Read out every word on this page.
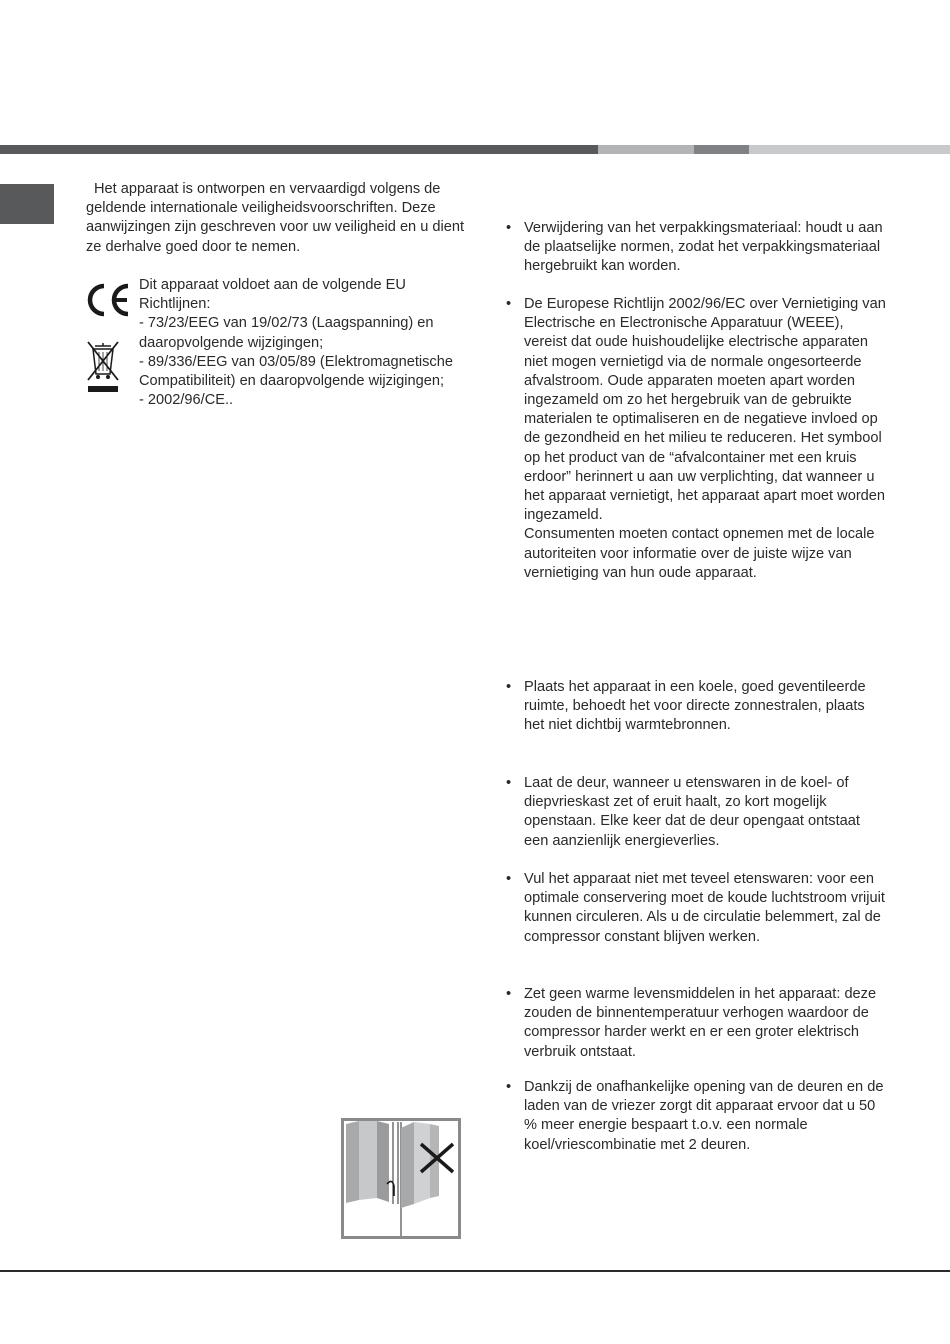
Het apparaat is ontworpen en vervaardigd volgens de geldende internationale veiligheidsvoorschriften. Deze aanwijzingen zijn geschreven voor uw veiligheid en u dient ze derhalve goed door te nemen.

Dit apparaat voldoet aan de volgende EU Richtlijnen:
- 73/23/EEG van 19/02/73 (Laagspanning) en daaropvolgende wijzigingen;
- 89/336/EEG van 03/05/89 (Elektromagnetische Compatibiliteit) en daaropvolgende wijzigingen;
- 2002/96/CE..
• Verwijdering van het verpakkingsmateriaal: houdt u aan de plaatselijke normen, zodat het verpakkingsmateriaal hergebruikt kan worden.
• De Europese Richtlijn 2002/96/EC over Vernietiging van Electrische en Electronische Apparatuur (WEEE), vereist dat oude huishoudelijke electrische apparaten niet mogen vernietigd via de normale ongesorteerde afvalstroom. Oude apparaten moeten apart worden ingezameld om zo het hergebruik van de gebruikte materialen te optimaliseren en de negatieve invloed op de gezondheid en het milieu te reduceren. Het symbool op het product van de “afvalcontainer met een kruis erdoor” herinnert u aan uw verplichting, dat wanneer u het apparaat vernietigt, het apparaat apart moet worden ingezameld.
Consumenten moeten contact opnemen met de locale autoriteiten voor informatie over de juiste wijze van vernietiging van hun oude apparaat.
• Plaats het apparaat in een koele, goed geventileerde ruimte, behoedt het voor directe zonnestralen, plaats het niet dichtbij warmtebronnen.
• Laat de deur, wanneer u etenswaren in de koel- of diepvrieskast zet of eruit haalt, zo kort mogelijk openstaan. Elke keer dat de deur opengaat ontstaat een aanzienlijk energieverlies.
• Vul het apparaat niet met teveel etenswaren: voor een optimale conservering moet de koude luchtstroom vrijuit kunnen circuleren. Als u de circulatie belemmert, zal de compressor constant blijven werken.
• Zet geen warme levensmiddelen in het apparaat: deze zouden de binnentemperatuur verhogen waardoor de compressor harder werkt en er een groter elektrisch verbruik ontstaat.
• Dankzij de onafhankelijke opening van de deuren en de laden van de vriezer zorgt dit apparaat ervoor dat u 50 % meer energie bespaart t.o.v. een normale koel/vriescombinatie met 2 deuren.
